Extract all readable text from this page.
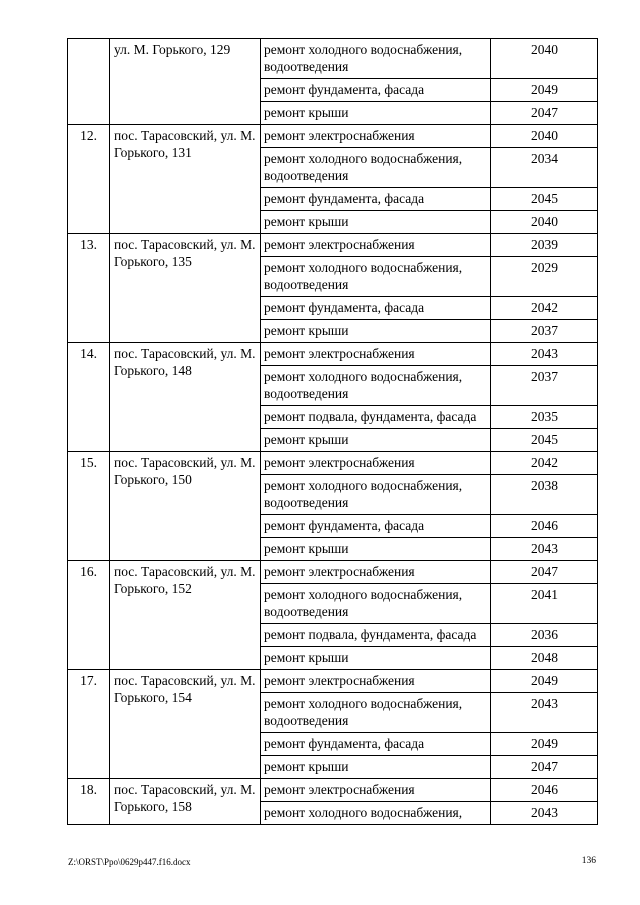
	ул. М. Горького, 129	ремонт холодного водоснабжения, водоотведения	2040
		ремонт фундамента, фасада	2049
		ремонт крыши	2047
12.	пос. Тарасовский, ул. М. Горького, 131	ремонт электроснабжения	2040
		ремонт холодного водоснабжения, водоотведения	2034
		ремонт фундамента, фасада	2045
		ремонт крыши	2040
13.	пос. Тарасовский, ул. М. Горького, 135	ремонт электроснабжения	2039
		ремонт холодного водоснабжения, водоотведения	2029
		ремонт фундамента, фасада	2042
		ремонт крыши	2037
14.	пос. Тарасовский, ул. М. Горького, 148	ремонт электроснабжения	2043
		ремонт холодного водоснабжения, водоотведения	2037
		ремонт подвала, фундамента, фасада	2035
		ремонт крыши	2045
15.	пос. Тарасовский, ул. М. Горького, 150	ремонт электроснабжения	2042
		ремонт холодного водоснабжения, водоотведения	2038
		ремонт фундамента, фасада	2046
		ремонт крыши	2043
16.	пос. Тарасовский, ул. М. Горького, 152	ремонт электроснабжения	2047
		ремонт холодного водоснабжения, водоотведения	2041
		ремонт подвала, фундамента, фасада	2036
		ремонт крыши	2048
17.	пос. Тарасовский, ул. М. Горького, 154	ремонт электроснабжения	2049
		ремонт холодного водоснабжения, водоотведения	2043
		ремонт фундамента, фасада	2049
		ремонт крыши	2047
18.	пос. Тарасовский, ул. М. Горького, 158	ремонт электроснабжения	2046
		ремонт холодного водоснабжения,	2043
Z:\ORST\Ppo\0629p447.f16.docx	136
